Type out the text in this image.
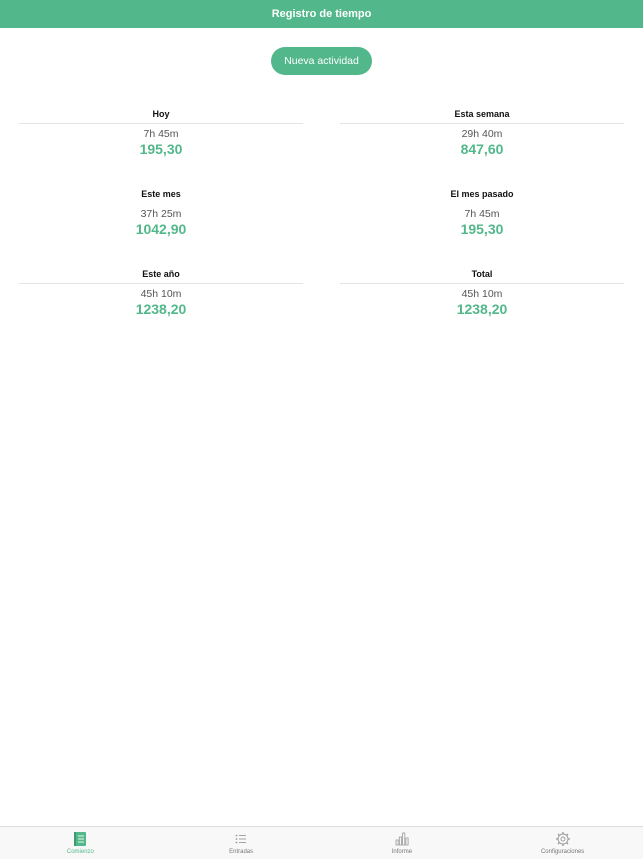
Registro de tiempo
Nueva actividad
Hoy
7h 45m
195,30
Esta semana
29h 40m
847,60
Este mes
37h 25m
1042,90
El mes pasado
7h 45m
195,30
Este año
45h 10m
1238,20
Total
45h 10m
1238,20
Comienzo	Entradas	Informe	Configuraciones
